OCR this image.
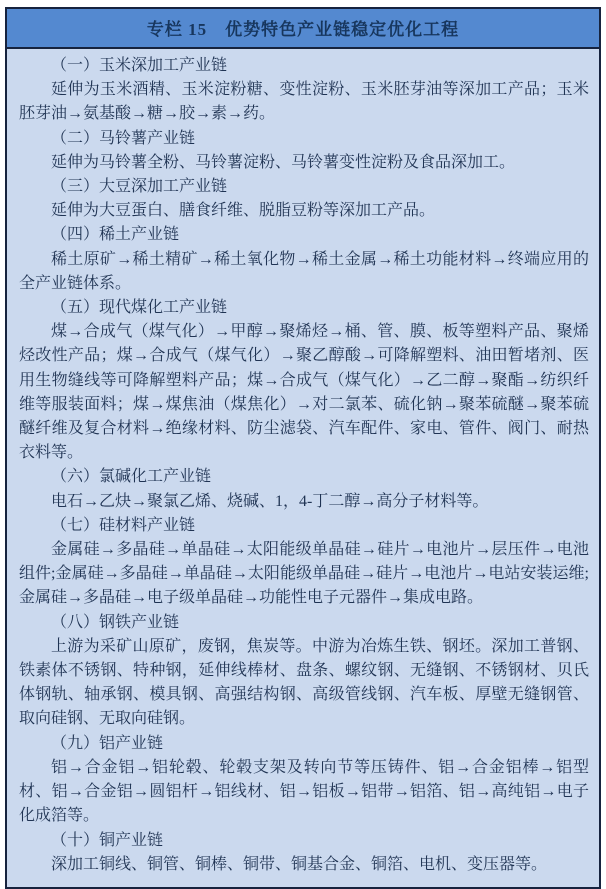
专栏 15　优势特色产业链稳定优化工程

（一）玉米深加工产业链

延伸为玉米酒精、玉米淀粉糖、变性淀粉、玉米胚芽油等深加工产品；玉米胚芽油→氨基酸→糖→胶→素→药。

（二）马铃薯产业链

延伸为马铃薯全粉、马铃薯淀粉、马铃薯变性淀粉及食品深加工。

（三）大豆深加工产业链

延伸为大豆蛋白、膳食纤维、脱脂豆粉等深加工产品。

（四）稀土产业链

稀土原矿→稀土精矿→稀土氧化物→稀土金属→稀土功能材料→终端应用的全产业链体系。

（五）现代煤化工产业链

煤→合成气（煤气化）→甲醇→聚烯烃→桶、管、膜、板等塑料产品、聚烯烃改性产品；煤→合成气（煤气化）→聚乙醇酸→可降解塑料、油田暂堵剂、医用生物缝线等可降解塑料产品；煤→合成气（煤气化）→乙二醇→聚酯→纺织纤维等服装面料；煤→煤焦油（煤焦化）→对二氯苯、硫化钠→聚苯硫醚→聚苯硫醚纤维及复合材料→绝缘材料、防尘滤袋、汽车配件、家电、管件、阀门、耐热衣料等。

（六）氯碱化工产业链

电石→乙炔→聚氯乙烯、烧碱、1，4-丁二醇→高分子材料等。

（七）硅材料产业链

金属硅→多晶硅→单晶硅→太阳能级单晶硅→硅片→电池片→层压件→电池组件;金属硅→多晶硅→单晶硅→太阳能级单晶硅→硅片→电池片→电站安装运维;金属硅→多晶硅→电子级单晶硅→功能性电子元器件→集成电路。

（八）钢铁产业链

上游为采矿山原矿，废钢，焦炭等。中游为冶炼生铁、钢坯。深加工普钢、铁素体不锈钢、特种钢，延伸线棒材、盘条、螺纹钢、无缝钢、不锈钢材、贝氏体钢轨、轴承钢、模具钢、高强结构钢、高级管线钢、汽车板、厚壁无缝钢管、取向硅钢、无取向硅钢。

（九）铝产业链

铝→合金铝→铝轮毂、轮毂支架及转向节等压铸件、铝→合金铝棒→铝型材、铝→合金铝→圆铝杆→铝线材、铝→铝板→铝带→铝箔、铝→高纯铝→电子化成箔等。

（十）铜产业链

深加工铜线、铜管、铜棒、铜带、铜基合金、铜箔、电机、变压器等。
